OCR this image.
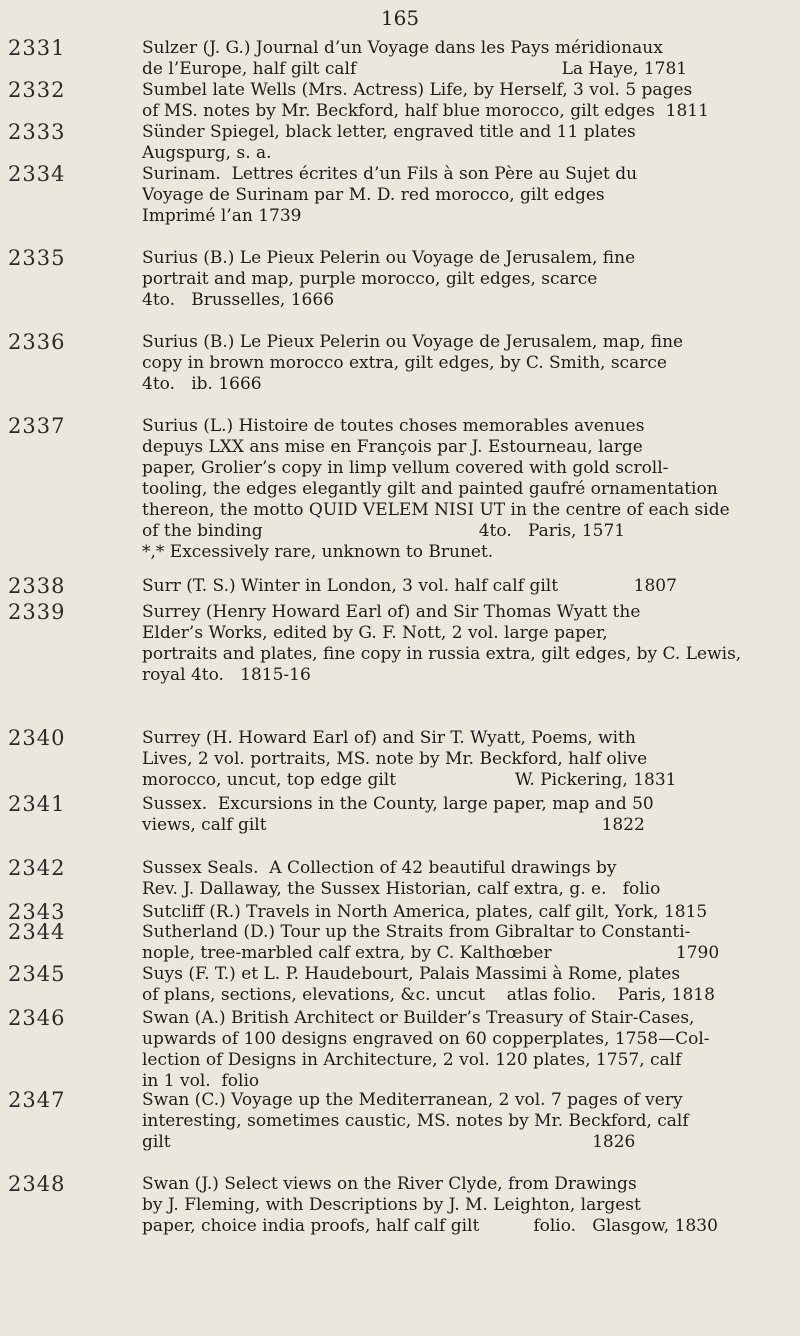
165
2331	Sulzer (J. G.) Journal d’un Voyage dans les Pays méridionaux
de l’Europe, half gilt calf                                      La Haye, 1781
2332	Sumbel late Wells (Mrs. Actress) Life, by Herself, 3 vol. 5 pages
of MS. notes by Mr. Beckford, half blue morocco, gilt edges  1811
2333	Sünder Spiegel, black letter, engraved title and 11 plates
Augspurg, s. a.
2334	Surinam.  Lettres écrites d’un Fils à son Père au Sujet du
Voyage de Surinam par M. D. red morocco, gilt edges
Imprimé l’an 1739
2335	Surius (B.) Le Pieux Pelerin ou Voyage de Jerusalem, fine
portrait and map, purple morocco, gilt edges, scarce
4to.   Brusselles, 1666
2336	Surius (B.) Le Pieux Pelerin ou Voyage de Jerusalem, map, fine
copy in brown morocco extra, gilt edges, by C. Smith, scarce
4to.   ib. 1666
2337	Surius (L.) Histoire de toutes choses memorables avenues
depuys LXX ans mise en François par J. Estourneau, large
paper, Grolier’s copy in limp vellum covered with gold scroll-
tooling, the edges elegantly gilt and painted gaufré ornamentation
thereon, the motto QUID VELEM NISI UT in the centre of each side
of the binding                                        4to.   Paris, 1571
*,* Excessively rare, unknown to Brunet.
2338	Surr (T. S.) Winter in London, 3 vol. half calf gilt              1807
2339	Surrey (Henry Howard Earl of) and Sir Thomas Wyatt the
Elder’s Works, edited by G. F. Nott, 2 vol. large paper,
portraits and plates, fine copy in russia extra, gilt edges, by C. Lewis,
royal 4to.   1815-16
2340	Surrey (H. Howard Earl of) and Sir T. Wyatt, Poems, with
Lives, 2 vol. portraits, MS. note by Mr. Beckford, half olive
morocco, uncut, top edge gilt                      W. Pickering, 1831
2341	Sussex.  Excursions in the County, large paper, map and 50
views, calf gilt                                                              1822
2342	Sussex Seals.  A Collection of 42 beautiful drawings by
Rev. J. Dallaway, the Sussex Historian, calf extra, g. e.   folio
2343	Sutcliff (R.) Travels in North America, plates, calf gilt, York, 1815
2344	Sutherland (D.) Tour up the Straits from Gibraltar to Constanti-
nople, tree-marbled calf extra, by C. Kalthœber                       1790
2345	Suys (F. T.) et L. P. Haudebourt, Palais Massimi à Rome, plates
of plans, sections, elevations, &c. uncut    atlas folio.    Paris, 1818
2346	Swan (A.) British Architect or Builder’s Treasury of Stair-Cases,
upwards of 100 designs engraved on 60 copperplates, 1758—Col-
lection of Designs in Architecture, 2 vol. 120 plates, 1757, calf
in 1 vol.  folio
2347	Swan (C.) Voyage up the Mediterranean, 2 vol. 7 pages of very
interesting, sometimes caustic, MS. notes by Mr. Beckford, calf
gilt                                                                              1826
2348	Swan (J.) Select views on the River Clyde, from Drawings
by J. Fleming, with Descriptions by J. M. Leighton, largest
paper, choice india proofs, half calf gilt          folio.   Glasgow, 1830
